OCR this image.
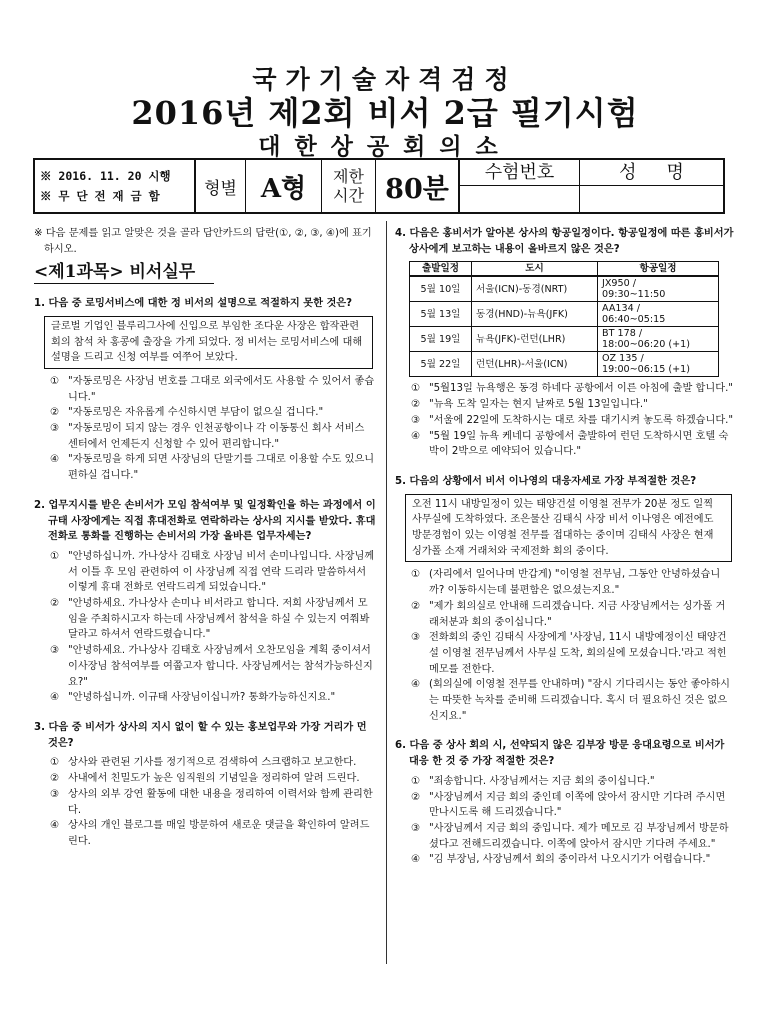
국가기술자격검정
2016년 제2회 비서 2급 필기시험
대한상공회의소
※ 2016. 11. 20 시행
※ 무 단 전 재 금 함	형별 A형	제한
시간 80분
수험번호	성명
※ 다음 문제를 읽고 알맞은 것을 골라 답안카드의 답란(①, ②, ③, ④)에 표기하시오.
<제1과목> 비서실무
1. 다음 중 로밍서비스에 대한 정 비서의 설명으로 적절하지 못한 것은?
글로벌 기업인 블루리그사에 신입으로 부임한 조다운 사장은 합작관련 회의 참석 차 홍콩에 출장을 가게 되었다. 정 비서는 로밍서비스에 대해 설명을 드리고 신청 여부를 여쭈어 보았다.
① "자동로밍은 사장님 번호를 그대로 외국에서도 사용할 수 있어서 좋습니다."
② "자동로밍은 자유롭게 수신하시면 부담이 없으실 겁니다."
③ "자동로밍이 되지 않는 경우 인천공항이나 각 이동통신 회사 서비스 센터에서 언제든지 신청할 수 있어 편리합니다."
④ "자동로밍을 하게 되면 사장님의 단말기를 그대로 이용할 수도 있으니 편하실 겁니다."
2. 업무지시를 받은 손비서가 모임 참석여부 및 일정확인을 하는 과정에서 이규태 사장에게는 직접 휴대전화로 연락하라는 상사의 지시를 받았다. 휴대전화로 통화를 진행하는 손비서의 가장 올바른 업무자세는?
① "안녕하십니까. 가나상사 김태호 사장님 비서 손미나입니다. 사장님께서 이틀 후 모임 관련하여 이 사장님께 직접 연락 드리라 말씀하셔서 이렇게 휴대 전화로 연락드리게 되었습니다."
② "안녕하세요. 가나상사 손미나 비서라고 합니다. 저희 사장님께서 모임을 주최하시고자 하는데 사장님께서 참석을 하실 수 있는지 여쭤봐 달라고 하셔서 연락드렸습니다."
③ "안녕하세요. 가나상사 김태호 사장님께서 오찬모임을 계획 중이셔서 이사장님 참석여부를 여쭙고자 합니다. 사장님께서는 참석가능하신지요?"
④ "안녕하십니까. 이규태 사장님이십니까? 통화가능하신지요."
3. 다음 중 비서가 상사의 지시 없이 할 수 있는 홍보업무와 가장 거리가 먼 것은?
① 상사와 관련된 기사를 정기적으로 검색하여 스크랩하고 보고한다.
② 사내에서 친밀도가 높은 임직원의 기념일을 정리하여 알려 드린다.
③ 상사의 외부 강연 활동에 대한 내용을 정리하여 이력서와 함께 관리한다.
④ 상사의 개인 블로그를 매일 방문하여 새로운 댓글을 확인하여 알려드린다.
4. 다음은 홍비서가 알아본 상사의 항공일정이다. 항공일정에 따른 홍비서가 상사에게 보고하는 내용이 올바르지 않은 것은?
출발일정	도시	항공일정
5월 10일	서울(ICN)-동경(NRT)	JX950 /
09:30~11:50

5월 13일	동경(HND)-뉴욕(JFK)	AA134 /
06:40~05:15

5월 19일	뉴욕(JFK)-런던(LHR)	BT 178 /
18:00~06:20 (+1)

5월 22일	런던(LHR)-서울(ICN)	OZ 135 /
19:00~06:15 (+1)
① "5월13일 뉴욕행은 동경 하네다 공항에서 이른 아침에 출발 합니다."
② "뉴욕 도착 일자는 현지 날짜로 5월 13일입니다."
③ "서울에 22일에 도착하시는 대로 차를 대기시켜 놓도록 하겠습니다."
④ "5월 19일 뉴욕 케네디 공항에서 출발하여 런던 도착하시면 호텔 숙박이 2박으로 예약되어 있습니다."
5. 다음의 상황에서 비서 이나영의 대응자세로 가장 부적절한 것은?
오전 11시 내방일정이 있는 태양건설 이영철 전무가 20분 정도 일찍 사무실에 도착하였다. 조은물산 김태식 사장 비서 이나영은 예전에도 방문경험이 있는 이영철 전무를 접대하는 중이며 김태식 사장은 현재 싱가폴 소재 거래처와 국제전화 회의 중이다.
① (자리에서 일어나며 반갑게) "이영철 전무님, 그동안 안녕하셨습니까? 이동하시는데 불편함은 없으셨는지요."
② "제가 회의실로 안내해 드리겠습니다. 지금 사장님께서는 싱가폴 거래처분과 회의 중이십니다."
③ 전화회의 중인 김태식 사장에게 '사장님, 11시 내방예정이신 태양건설 이영철 전무님께서 사무실 도착, 회의실에 모셨습니다.'라고 적힌 메모를 전한다.
④ (회의실에 이영철 전무를 안내하며) "잠시 기다리시는 동안 좋아하시는 따뜻한 녹차를 준비해 드리겠습니다. 혹시 더 필요하신 것은 없으신지요."
6. 다음 중 상사 회의 시, 선약되지 않은 김부장 방문 응대요령으로 비서가 대응 한 것 중 가장 적절한 것은?
① "죄송합니다. 사장님께서는 지금 회의 중이십니다."
② "사장님께서 지금 회의 중인데 이쪽에 앉아서 잠시만 기다려 주시면 만나시도록 해 드리겠습니다."
③ "사장님께서 지금 회의 중입니다. 제가 메모로 김 부장님께서 방문하셨다고 전해드리겠습니다. 이쪽에 앉아서 잠시만 기다려 주세요."
④ "김 부장님, 사장님께서 회의 중이라서 나오시기가 어렵습니다."
